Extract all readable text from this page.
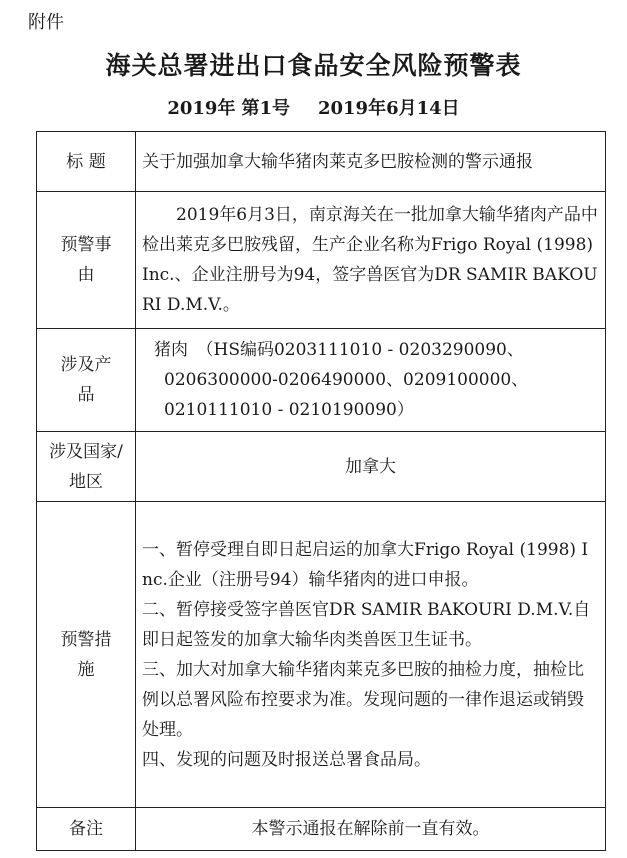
附件
海关总署进出口食品安全风险预警表
2019年 第1号 2019年6月14日
标 题	关于加强加拿大输华猪肉莱克多巴胺检测的警示通报
预警事由	2019年6月3日，南京海关在一批加拿大输华猪肉产品中检出莱克多巴胺残留，生产企业名称为Frigo Royal (1998) Inc.、企业注册号为94，签字兽医官为DR SAMIR BAKOURI D.M.V.。
涉及产品	猪肉　（HS编码0203111010 - 0203290090、

0206300000-0206490000、0209100000、

0210111010 - 0210190090）

涉及国家/地区	加拿大
预警措施	一、暂停受理自即日起启运的加拿大Frigo Royal (1998) Inc.企业（注册号94）输华猪肉的进口申报。

二、暂停接受签字兽医官DR SAMIR BAKOURI D.M.V.自即日起签发的加拿大输华肉类兽医卫生证书。

三、加大对加拿大输华猪肉莱克多巴胺的抽检力度，抽检比例以总署风险布控要求为准。发现问题的一律作退运或销毁处理。

四、发现的问题及时报送总署食品局。

备注	本警示通报在解除前一直有效。
